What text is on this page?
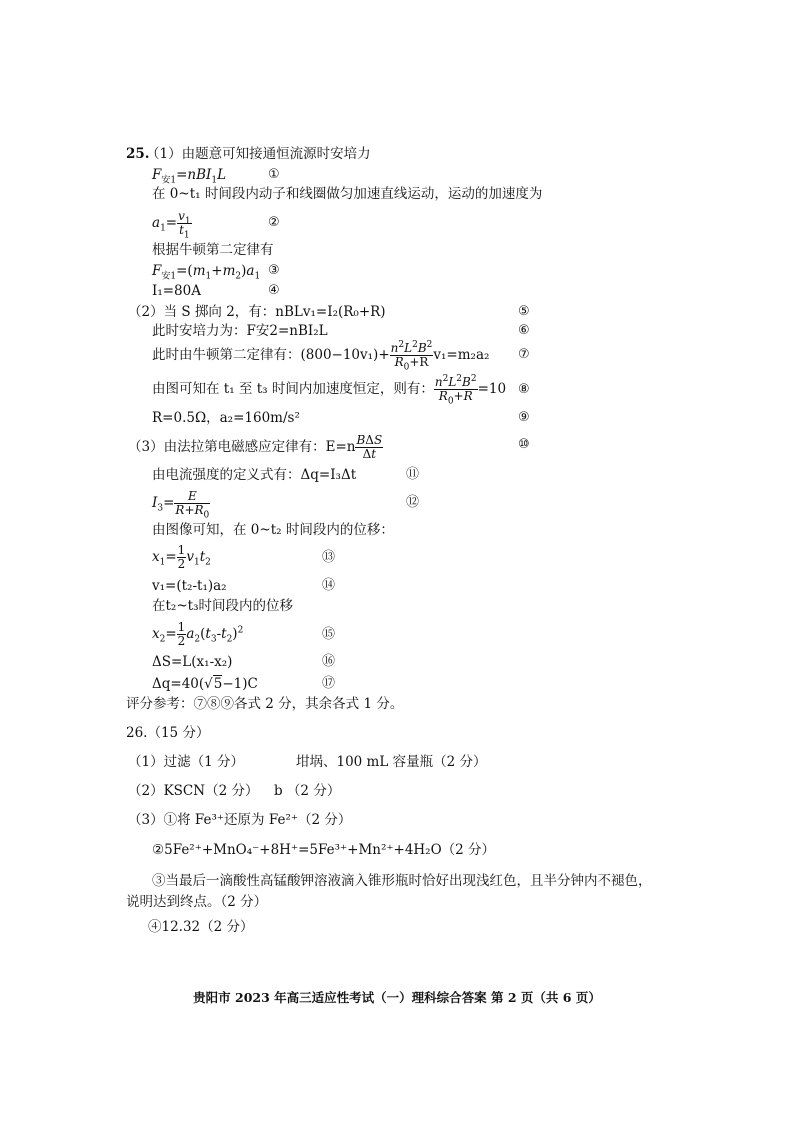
25.
（1）由题意可知接通恒流源时安培力
$F_{安1}=nBI_1L$	①
在 0~t₁ 时间段内动子和线圈做匀加速直线运动，运动的加速度为
$a_1= \frac{v_1}{t_1}$	②
根据牛顿第二定律有
$F_{安1}=(m_1+m_2)a_1$ ③
I₁=80A	④
（2）当 S 掷向 2，有：nBLv₁=I₂(R₀+R)	⑤
此时安培力为：F安2=nBI₂L	⑥
此时由牛顿第二定律有：$(800-10v_1)+ \frac{n^2L^2B^2}{R_0+R} v_1=m_2a_2$ ⑦
由图可知在 t₁ 至 t₃ 时间内加速度恒定，则有： $\frac{n^2L^2B^2}{R_0+R} =10$ ⑧
R=0.5Ω，a₂=160m/s²	⑨
（3）由法拉第电磁感应定律有：$E=n \frac{\text{BΔS}}{\Delta t}$	⑩
由电流强度的定义式有：Δq=I₃Δt	⑪
$I_3= \frac{E}{R+R_0}$	⑫
由图像可知，在 0~t₂ 时间段内的位移：
$x_1= \frac{1}{2} v_1t_2$	⑬
v₁=(t₂-t₁)a₂	⑭
在t₂~t₃时间段内的位移
$x_2= \frac{1}{2} a_2(t_3-t_2)^2$	⑮
ΔS=L(x₁-x₂)	⑯
Δq=40(√5−1)C	⑰
评分参考：⑦⑧⑨各式 2 分，其余各式 1 分。
26.（15 分）
（1）过滤（1 分）	坩埚、100 mL 容量瓶（2 分）
（2）KSCN（2 分） b （2 分）
（3）①将 Fe³⁺还原为 Fe²⁺（2 分）
②5Fe²⁺+MnO₄⁻+8H⁺=5Fe³⁺+Mn²⁺+4H₂O（2 分）
③当最后一滴酸性高锰酸钾溶液滴入锥形瓶时恰好出现浅红色，且半分钟内不褪色，
说明达到终点。（2 分）
④12.32（2 分）
贵阳市 2023 年高三适应性考试（一）理科综合答案 第 2 页（共 6 页）
